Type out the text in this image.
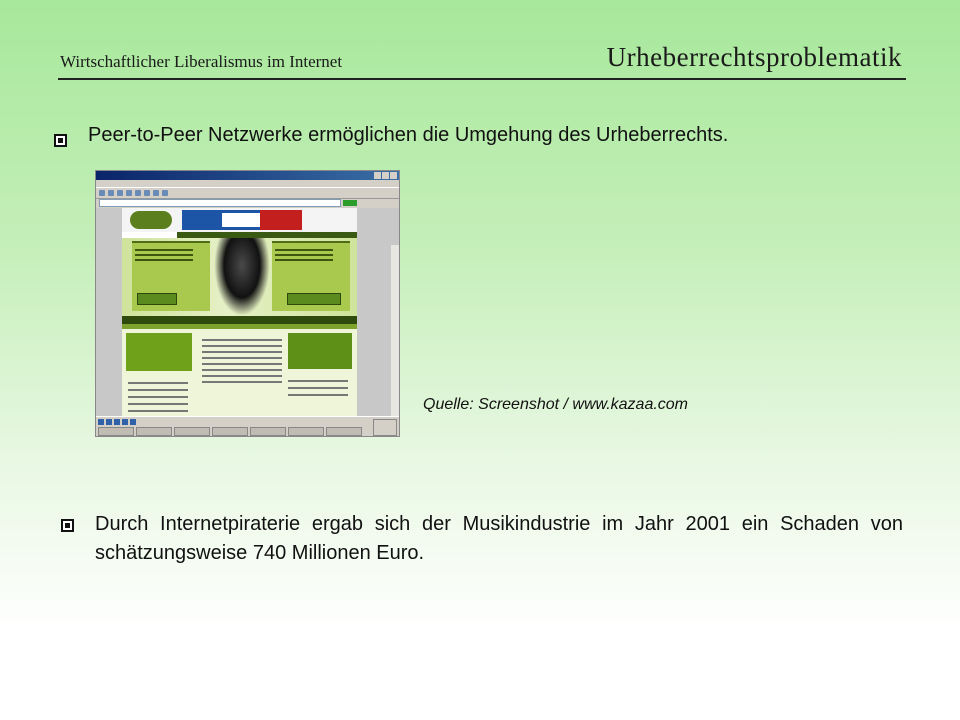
Wirtschaftlicher Liberalismus im Internet	Urheberrechtsproblematik
Peer-to-Peer Netzwerke ermöglichen die Umgehung des Urheberrechts.
Quelle: Screenshot / www.kazaa.com
Durch Internetpiraterie ergab sich der Musikindustrie im Jahr 2001 ein Schaden von schätzungsweise 740 Millionen Euro.
